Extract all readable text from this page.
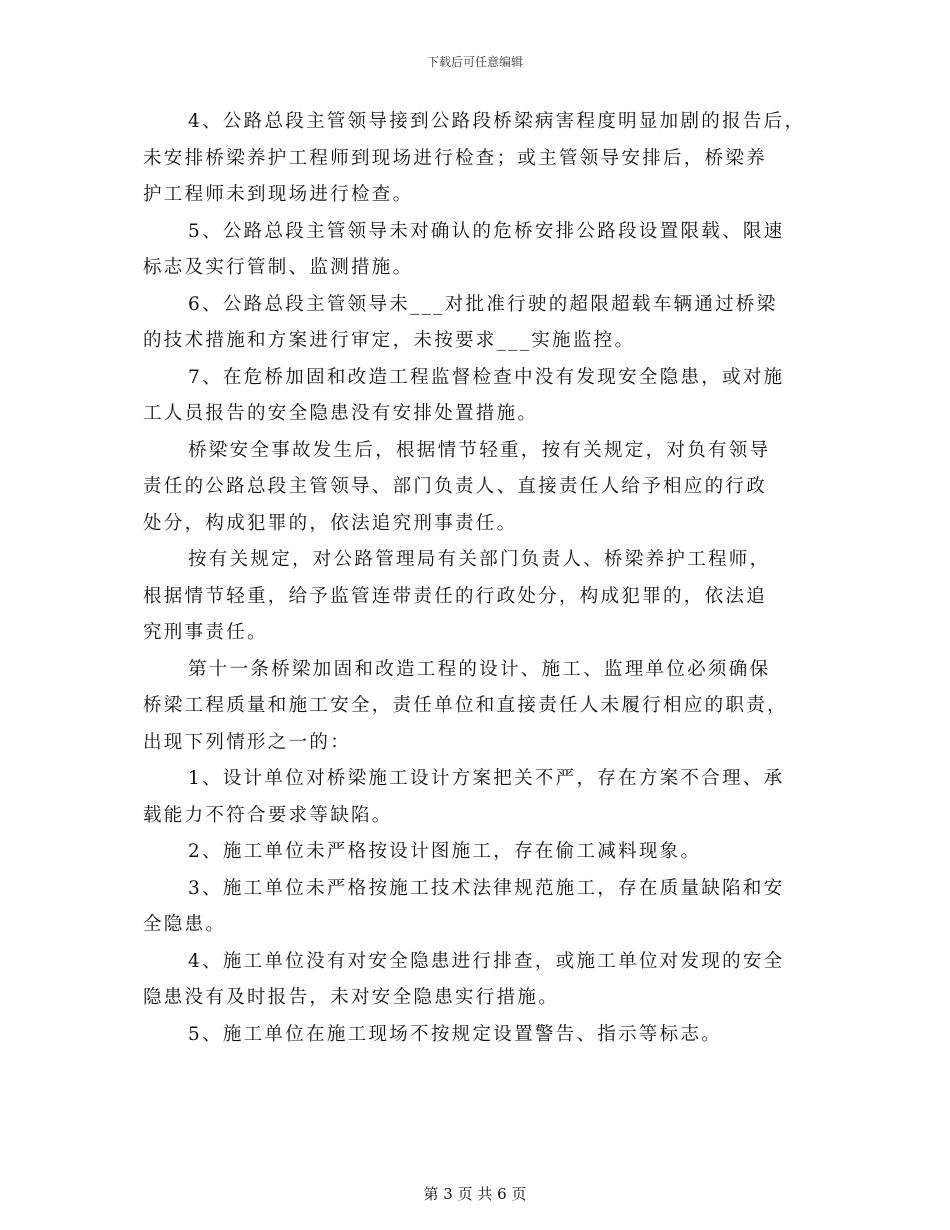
下载后可任意编辑
4、公路总段主管领导接到公路段桥梁病害程度明显加剧的报告后，
未安排桥梁养护工程师到现场进行检查；或主管领导安排后，桥梁养
护工程师未到现场进行检查。
5、公路总段主管领导未对确认的危桥安排公路段设置限载、限速
标志及实行管制、监测措施。
6、公路总段主管领导未___对批准行驶的超限超载车辆通过桥梁
的技术措施和方案进行审定，未按要求___实施监控。
7、在危桥加固和改造工程监督检查中没有发现安全隐患，或对施
工人员报告的安全隐患没有安排处置措施。
桥梁安全事故发生后，根据情节轻重，按有关规定，对负有领导
责任的公路总段主管领导、部门负责人、直接责任人给予相应的行政
处分，构成犯罪的，依法追究刑事责任。
按有关规定，对公路管理局有关部门负责人、桥梁养护工程师，
根据情节轻重，给予监管连带责任的行政处分，构成犯罪的，依法追
究刑事责任。
第十一条桥梁加固和改造工程的设计、施工、监理单位必须确保
桥梁工程质量和施工安全，责任单位和直接责任人未履行相应的职责，
出现下列情形之一的：
1、设计单位对桥梁施工设计方案把关不严，存在方案不合理、承
载能力不符合要求等缺陷。
2、施工单位未严格按设计图施工，存在偷工减料现象。
3、施工单位未严格按施工技术法律规范施工，存在质量缺陷和安
全隐患。
4、施工单位没有对安全隐患进行排查，或施工单位对发现的安全
隐患没有及时报告，未对安全隐患实行措施。
5、施工单位在施工现场不按规定设置警告、指示等标志。
第 3 页 共 6 页
